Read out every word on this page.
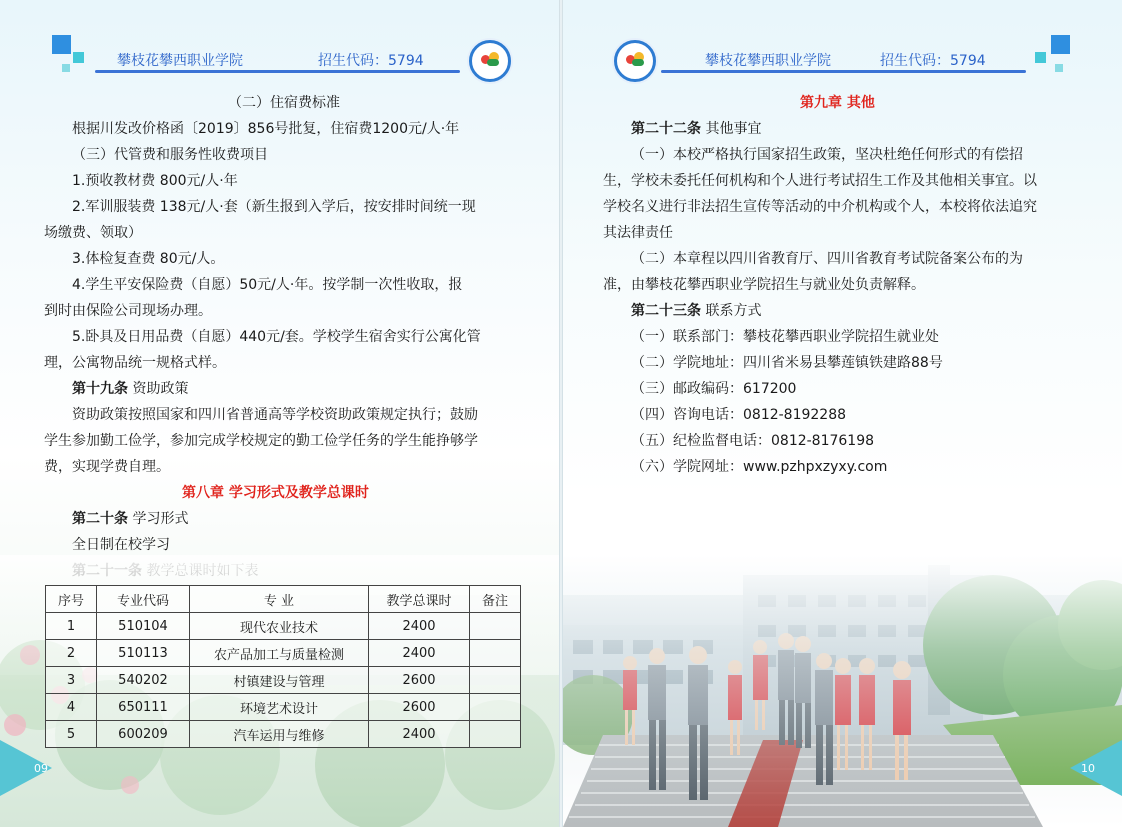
攀枝花攀西职业学院	招生代码：5794
（二）住宿费标准
根据川发改价格函〔2019〕856号批复，住宿费1200元/人·年
（三）代管费和服务性收费项目
1.预收教材费 800元/人·年
2.军训服装费 138元/人·套（新生报到入学后，按安排时间统一现
场缴费、领取）
3.体检复查费 80元/人。
4.学生平安保险费（自愿）50元/人·年。按学制一次性收取，报
到时由保险公司现场办理。
5.卧具及日用品费（自愿）440元/套。学校学生宿舍实行公寓化管
理，公寓物品统一规格式样。
第十九条 资助政策
资助政策按照国家和四川省普通高等学校资助政策规定执行；鼓励
学生参加勤工俭学，参加完成学校规定的勤工俭学任务的学生能挣够学
费，实现学费自理。
第八章 学习形式及教学总课时
第二十条 学习形式
全日制在校学习
序号	专业代码	专 业	教学总课时	备注
1	510104	现代农业技术	2400	
2	510113	农产品加工与质量检测	2400	
3	540202	村镇建设与管理	2600	
4	650111	环境艺术设计	2600	
5	600209	汽车运用与维修	2400	
09
攀枝花攀西职业学院	招生代码：5794
第九章 其他
第二十二条 其他事宜
（一）本校严格执行国家招生政策，坚决杜绝任何形式的有偿招
生，学校未委托任何机构和个人进行考试招生工作及其他相关事宜。以
学校名义进行非法招生宣传等活动的中介机构或个人，本校将依法追究
其法律责任
（二）本章程以四川省教育厅、四川省教育考试院备案公布的为
准，由攀枝花攀西职业学院招生与就业处负责解释。
第二十三条 联系方式
（一）联系部门：攀枝花攀西职业学院招生就业处
（二）学院地址：四川省米易县攀莲镇铁建路88号
（三）邮政编码：617200
（四）咨询电话：0812-8192288
（五）纪检监督电话：0812-8176198
（六）学院网址：www.pzhpxzyxy.com
10
